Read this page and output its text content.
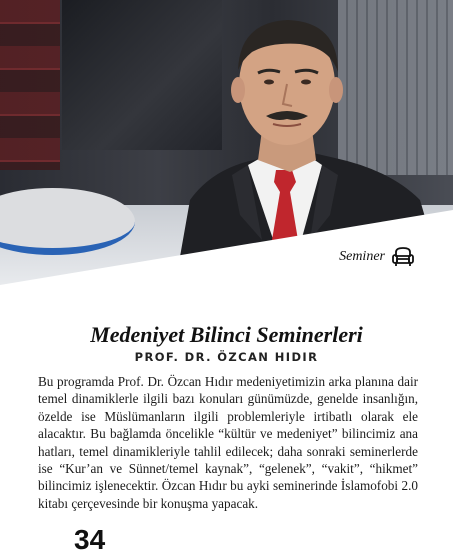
Seminer
Medeniyet Bilinci Seminerleri
PROF. DR. ÖZCAN HIDIR

Bu programda Prof. Dr. Özcan Hıdır medeniyetimizin arka planına dair temel dinamiklerle ilgili bazı konuları günümüzde, genelde insanlığın, özelde ise Müslümanların ilgili problemleriyle irtibatlı olarak ele alacaktır. Bu bağlamda öncelikle “kültür ve medeniyet” bilincimiz ana hatları, temel dinamikleriyle tahlil edilecek; daha sonraki seminerlerde ise “Kur’an ve Sünnet/temel kaynak”, “gelenek”, “vakit”, “hikmet” bilincimiz işlenecektir. Özcan Hıdır bu ayki seminerinde İslamofobi 2.0 kitabı çerçevesinde bir konuşma yapacak.

34
